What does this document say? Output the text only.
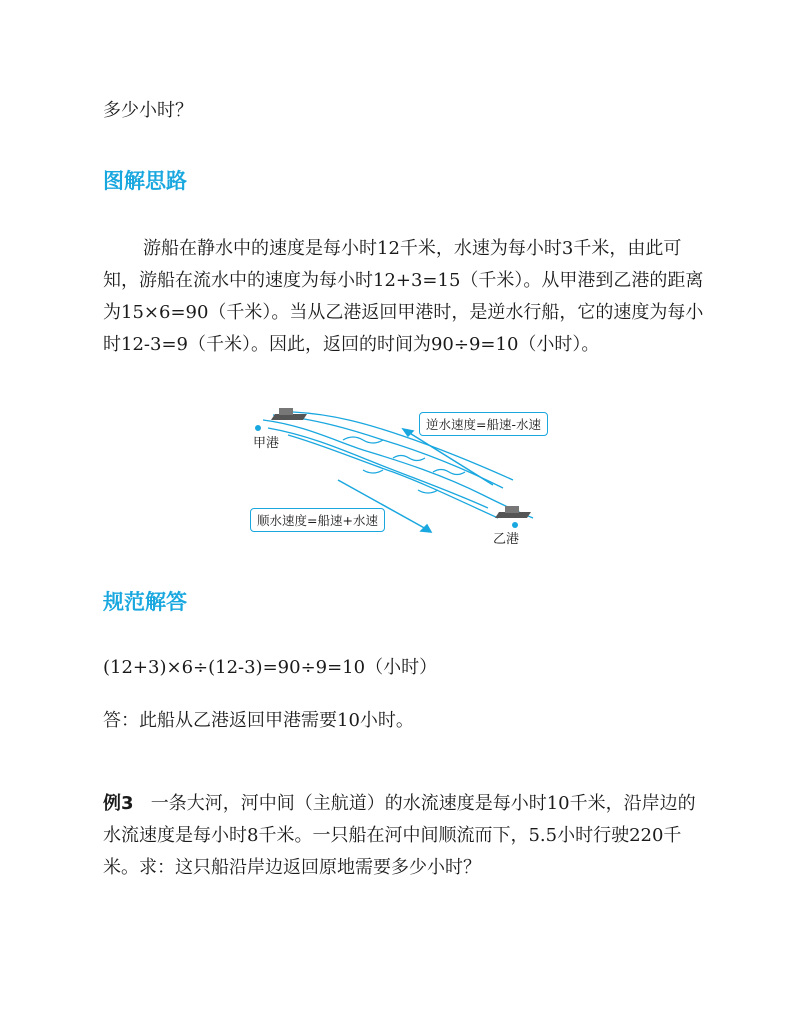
多少小时？

图解思路

游船在静水中的速度是每小时12千米，水速为每小时3千米，由此可知，游船在流水中的速度为每小时12+3=15（千米）。从甲港到乙港的距离为15×6=90（千米）。当从乙港返回甲港时，是逆水行船，它的速度为每小时12-3=9（千米）。因此，返回的时间为90÷9=10（小时）。

甲港
乙港
逆水速度=船速-水速
顺水速度=船速+水速
规范解答

(12+3)×6÷(12-3)=90÷9=10（小时）

答：此船从乙港返回甲港需要10小时。

例3 一条大河，河中间（主航道）的水流速度是每小时10千米，沿岸边的水流速度是每小时8千米。一只船在河中间顺流而下，5.5小时行驶220千米。求：这只船沿岸边返回原地需要多少小时？
